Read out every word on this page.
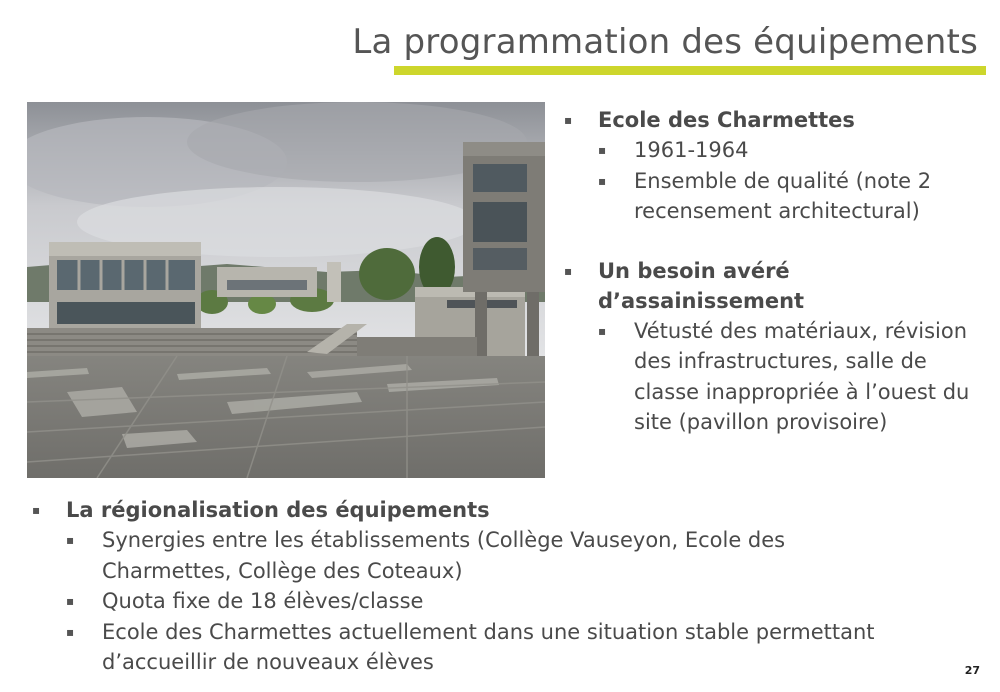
La programmation des équipements
▪ Ecole des Charmettes
▪ 1961-1964
▪ Ensemble de qualité (note 2 recensement architectural)
▪ Un besoin avéré
d’assainissement
▪ Vétusté des matériaux, révision des infrastructures, salle de classe inappropriée à l’ouest du site (pavillon provisoire)
▪ La régionalisation des équipements
▪ Synergies entre les établissements (Collège Vauseyon, Ecole des Charmettes, Collège des Coteaux)
▪ Quota fixe de 18 élèves/classe
▪ Ecole des Charmettes actuellement dans une situation stable permettant d’accueillir de nouveaux élèves	27
